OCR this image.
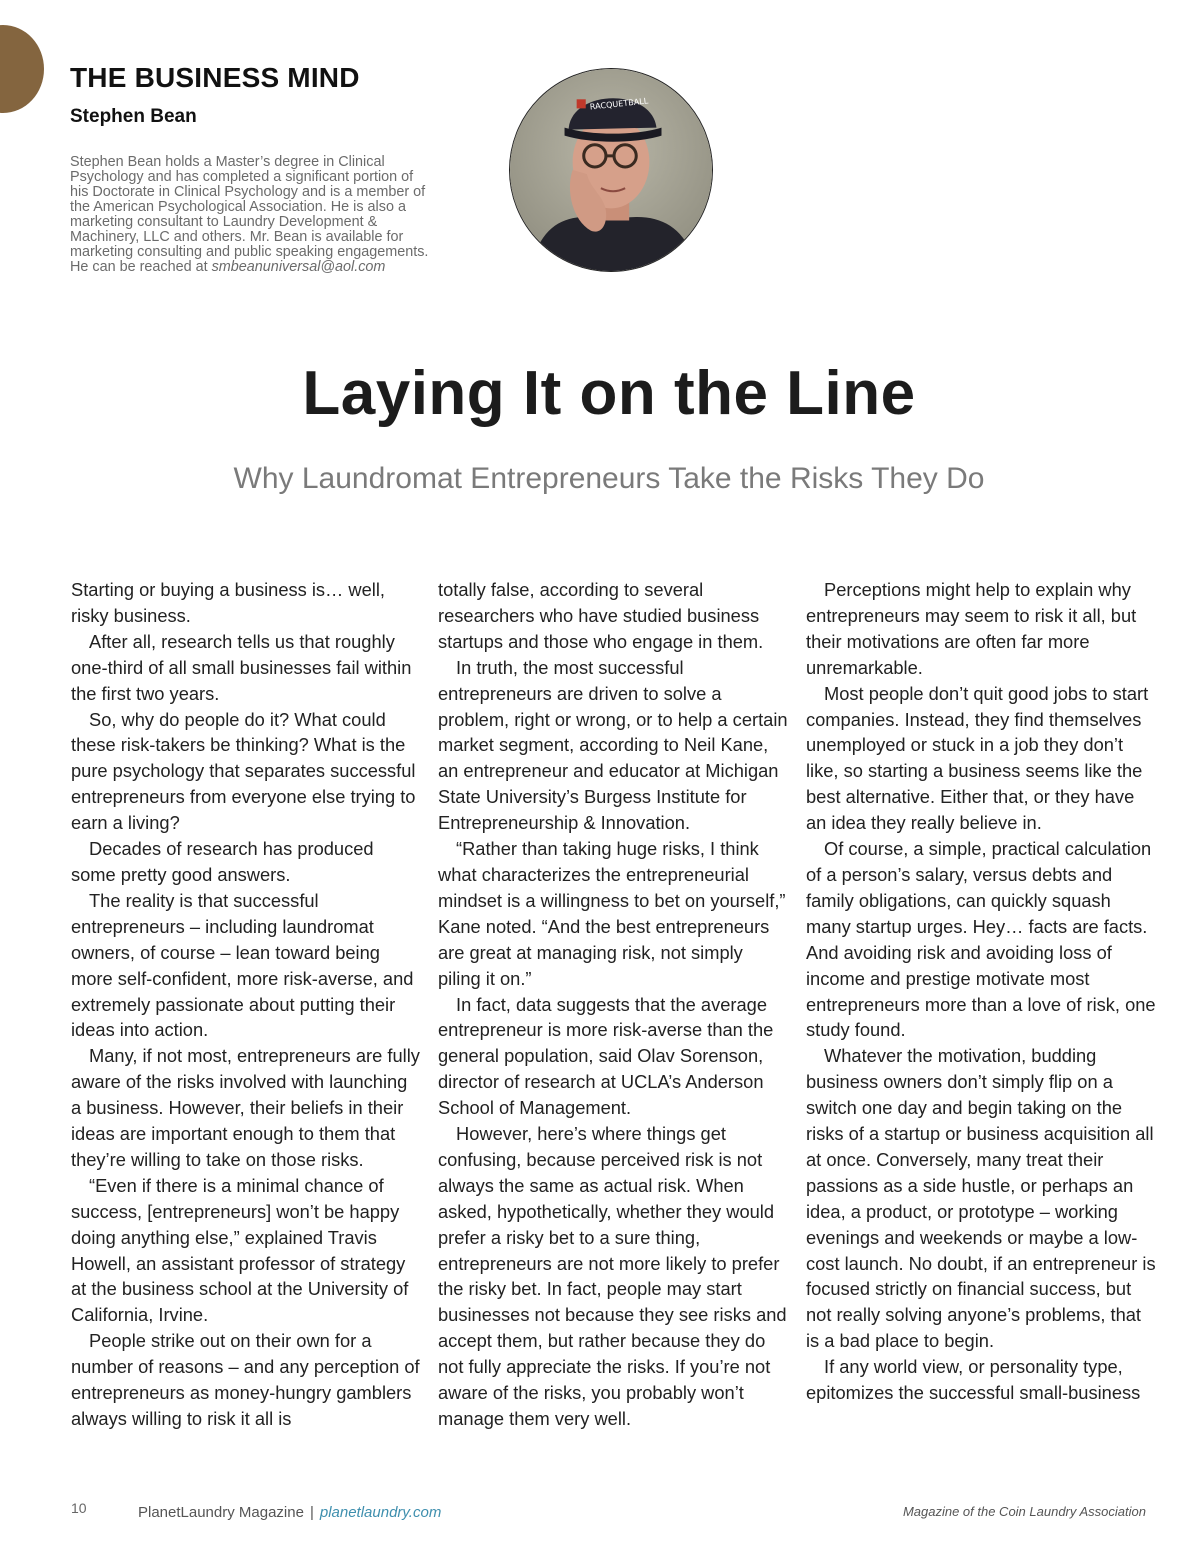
THE BUSINESS MIND
Stephen Bean

Stephen Bean holds a Master’s degree in Clinical Psychology and has completed a significant portion of his Doctorate in Clinical Psychology and is a member of the American Psychological Association. He is also a marketing consultant to Laundry Development & Machinery, LLC and others. Mr. Bean is available for marketing consulting and public speaking engagements. He can be reached at smbeanuniversal@aol.com

RACQUETBALL
Laying It on the Line
Why Laundromat Entrepreneurs Take the Risks They Do

Starting or buying a business is… well, risky business.

After all, research tells us that roughly one-third of all small businesses fail within the first two years.

So, why do people do it? What could these risk-takers be thinking? What is the pure psychology that separates successful entrepreneurs from everyone else trying to earn a living?

Decades of research has produced some pretty good answers.

The reality is that successful entrepreneurs – including laundromat owners, of course – lean toward being more self-confident, more risk-averse, and extremely passionate about putting their ideas into action.

Many, if not most, entrepreneurs are fully aware of the risks involved with launching a business. However, their beliefs in their ideas are important enough to them that they’re willing to take on those risks.

“Even if there is a minimal chance of success, [entrepreneurs] won’t be happy doing anything else,” explained Travis Howell, an assistant professor of strategy at the business school at the University of California, Irvine.

People strike out on their own for a number of reasons – and any perception of entrepreneurs as money-hungry gamblers always willing to risk it all is

totally false, according to several researchers who have studied business startups and those who engage in them.

In truth, the most successful entrepreneurs are driven to solve a problem, right or wrong, or to help a certain market segment, according to Neil Kane, an entrepreneur and educator at Michigan State University’s Burgess Institute for Entrepreneurship & Innovation.

“Rather than taking huge risks, I think what characterizes the entrepreneurial mindset is a willingness to bet on yourself,” Kane noted. “And the best entrepreneurs are great at managing risk, not simply piling it on.”

In fact, data suggests that the average entrepreneur is more risk-averse than the general population, said Olav Sorenson, director of research at UCLA’s Anderson School of Management.

However, here’s where things get confusing, because perceived risk is not always the same as actual risk. When asked, hypothetically, whether they would prefer a risky bet to a sure thing, entrepreneurs are not more likely to prefer the risky bet. In fact, people may start businesses not because they see risks and accept them, but rather because they do not fully appreciate the risks. If you’re not aware of the risks, you probably won’t manage them very well.

Perceptions might help to explain why entrepreneurs may seem to risk it all, but their motivations are often far more unremarkable.

Most people don’t quit good jobs to start companies. Instead, they find themselves unemployed or stuck in a job they don’t like, so starting a business seems like the best alternative. Either that, or they have an idea they really believe in.

Of course, a simple, practical calculation of a person’s salary, versus debts and family obligations, can quickly squash many startup urges. Hey… facts are facts. And avoiding risk and avoiding loss of income and prestige motivate most entrepreneurs more than a love of risk, one study found.

Whatever the motivation, budding business owners don’t simply flip on a switch one day and begin taking on the risks of a startup or business acquisition all at once. Conversely, many treat their passions as a side hustle, or perhaps an idea, a product, or prototype – working evenings and weekends or maybe a low-cost launch. No doubt, if an entrepreneur is focused strictly on financial success, but not really solving anyone’s problems, that is a bad place to begin.

If any world view, or personality type, epitomizes the successful small-business

10	PlanetLaundry Magazine | planetlaundry.com	Magazine of the Coin Laundry Association
